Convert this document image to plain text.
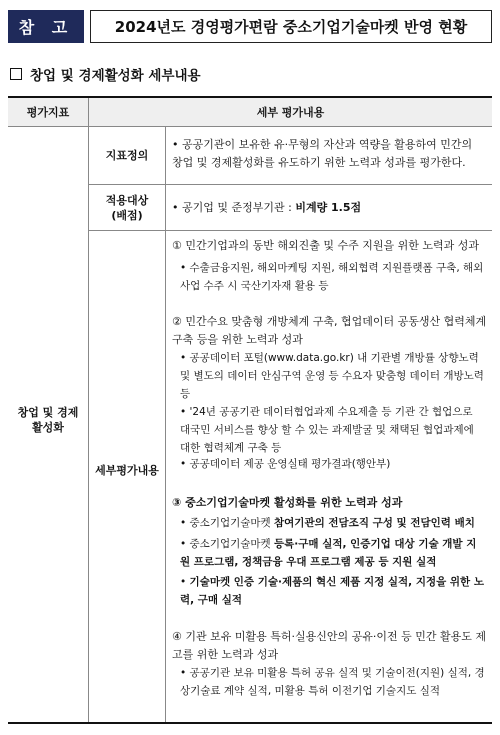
참 고	2024년도 경영평가편람 중소기업기술마켓 반영 현황
창업 및 경제활성화 세부내용
평가지표	세부 평가내용
창업 및 경제
활성화
지표정의
적용대상
(배점)
세부평가내용
• 공공기관이 보유한 유·무형의 자산과 역량을 활용하여 민간의 창업 및 경제활성화를 유도하기 위한 노력과 성과를 평가한다.
• 공기업 및 준정부기관 : 비계량 1.5점
① 민간기업과의 동반 해외진출 및 수주 지원을 위한 노력과 성과
• 수출금융지원, 해외마케팅 지원, 해외협력 지원플랫폼 구축, 해외사업 수주 시 국산기자재 활용 등
② 민간수요 맞춤형 개방체계 구축, 협업데이터 공동생산 협력체계 구축 등을 위한 노력과 성과
• 공공데이터 포털(www.data.go.kr) 내 기관별 개방률 상향노력 및 별도의 데이터 안심구역 운영 등 수요자 맞춤형 데이터 개방노력 등
• '24년 공공기관 데이터협업과제 수요제출 등 기관 간 협업으로 대국민 서비스를 향상 할 수 있는 과제발굴 및 채택된 협업과제에 대한 협력체계 구축 등
• 공공데이터 제공 운영실태 평가결과(행안부)
③ 중소기업기술마켓 활성화를 위한 노력과 성과
• 중소기업기술마켓 참여기관의 전담조직 구성 및 전담인력 배치
• 중소기업기술마켓 등록·구매 실적, 인증기업 대상 기술 개발 지원 프로그램, 정책금융 우대 프로그램 제공 등 지원 실적
• 기술마켓 인증 기술·제품의 혁신 제품 지정 실적, 지정을 위한 노력, 구매 실적
④ 기관 보유 미활용 특허·실용신안의 공유·이전 등 민간 활용도 제고를 위한 노력과 성과
• 공공기관 보유 미활용 특허 공유 실적 및 기술이전(지원) 실적, 경상기술료 계약 실적, 미활용 특허 이전기업 기술지도 실적
